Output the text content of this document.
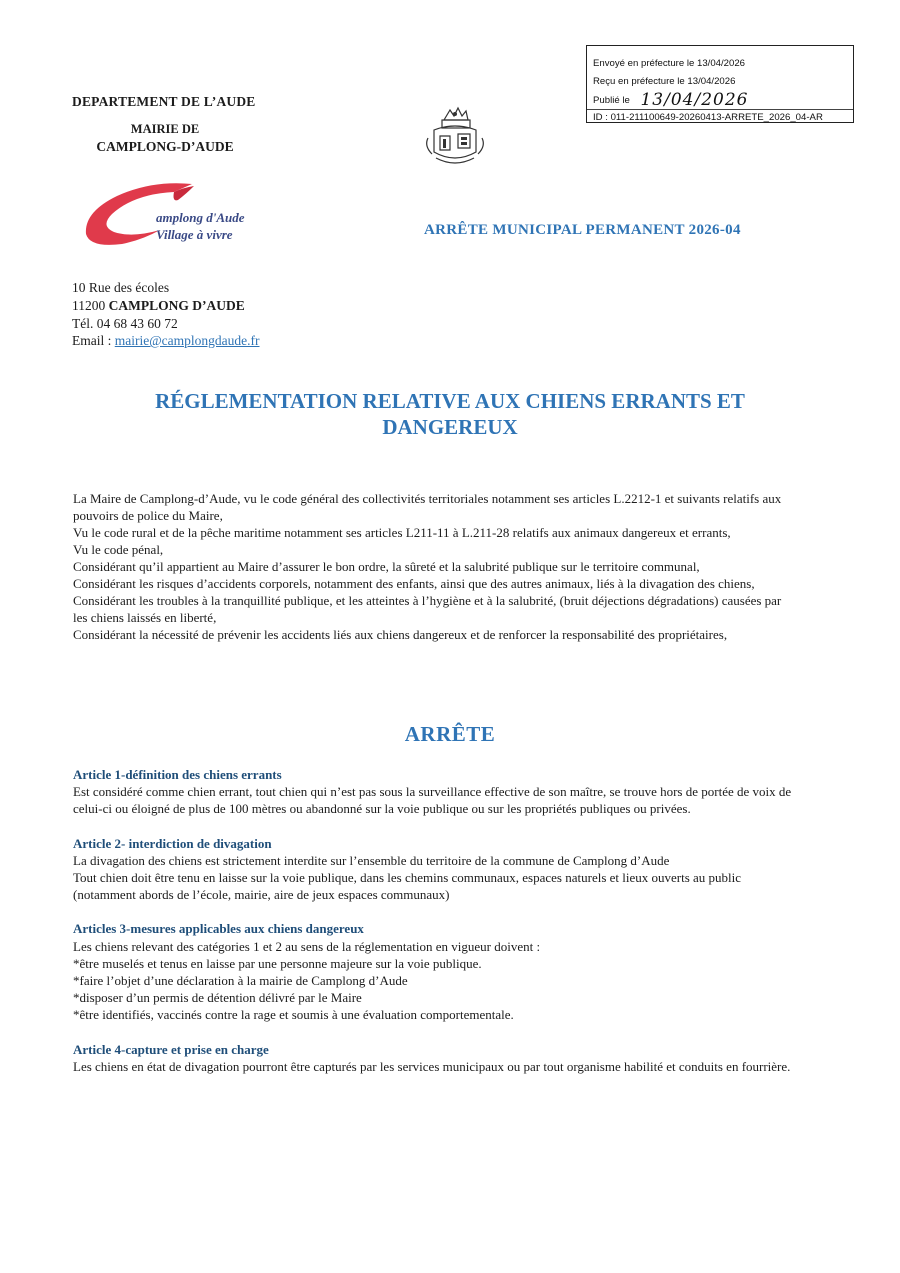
Envoyé en préfecture le 13/04/2026
Reçu en préfecture le 13/04/2026
Publié le 13/04/2026
ID : 011-211100649-20260413-ARRETE_2026_04-AR
DEPARTEMENT DE L’AUDE
MAIRIE DE
CAMPLONG-D’AUDE
amplong d'Aude
Village à vivre	ARRÊTE MUNICIPAL PERMANENT 2026-04
10 Rue des écoles
11200 CAMPLONG D’AUDE
Tél. 04 68 43 60 72
Email : mairie@camplongdaude.fr
RÉGLEMENTATION RELATIVE AUX CHIENS ERRANTS ET
DANGEREUX

La Maire de Camplong-d’Aude, vu le code général des collectivités territoriales notamment ses articles L.2212-1 et suivants relatifs aux pouvoirs de police du Maire,

Vu le code rural et de la pêche maritime notamment ses articles L211-11 à L.211-28 relatifs aux animaux dangereux et errants,

Vu le code pénal,

Considérant qu’il appartient au Maire d’assurer le bon ordre, la sûreté et la salubrité publique sur le territoire communal,

Considérant les risques d’accidents corporels, notamment des enfants, ainsi que des autres animaux, liés à la divagation des chiens,

Considérant les troubles à la tranquillité publique, et les atteintes à l’hygiène et à la salubrité, (bruit déjections dégradations) causées par les chiens laissés en liberté,

Considérant la nécessité de prévenir les accidents liés aux chiens dangereux et de renforcer la responsabilité des propriétaires,

ARRÊTE
Article 1-définition des chiens errants

Est considéré comme chien errant, tout chien qui n’est pas sous la surveillance effective de son maître, se trouve hors de portée de voix de celui-ci ou éloigné de plus de 100 mètres ou abandonné sur la voie publique ou sur les propriétés publiques ou privées.

Article 2- interdiction de divagation

La divagation des chiens est strictement interdite sur l’ensemble du territoire de la commune de Camplong d’Aude

Tout chien doit être tenu en laisse sur la voie publique, dans les chemins communaux, espaces naturels et lieux ouverts au public (notamment abords de l’école, mairie, aire de jeux espaces communaux)

Articles 3-mesures applicables aux chiens dangereux

Les chiens relevant des catégories 1 et 2 au sens de la réglementation en vigueur doivent :

*être muselés et tenus en laisse par une personne majeure sur la voie publique.

*faire l’objet d’une déclaration à la mairie de Camplong d’Aude

*disposer d’un permis de détention délivré par le Maire

*être identifiés, vaccinés contre la rage et soumis à une évaluation comportementale.

Article 4-capture et prise en charge

Les chiens en état de divagation pourront être capturés par les services municipaux ou par tout organisme habilité et conduits en fourrière.
